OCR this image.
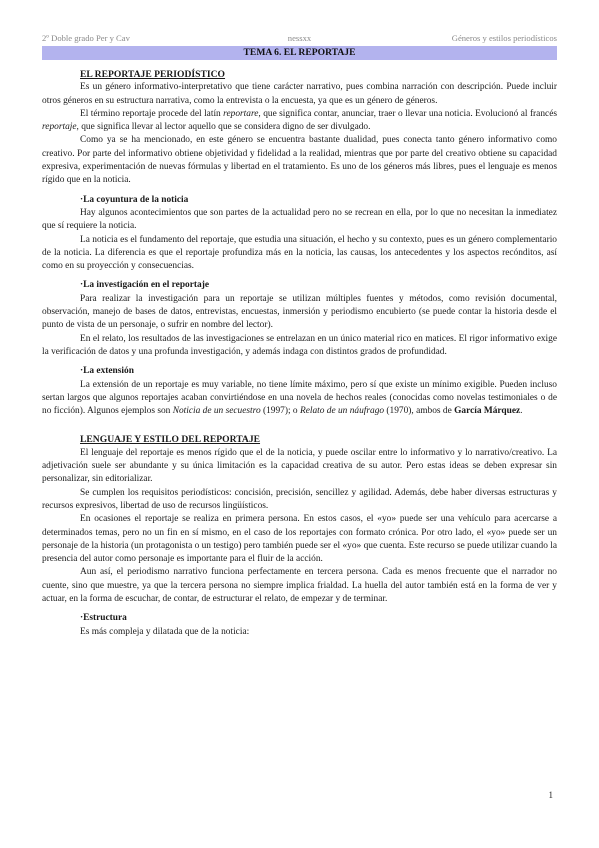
2º Doble grado Per y Cav	nessxx	Géneros y estilos periodísticos
TEMA 6. EL REPORTAJE
EL REPORTAJE PERIODÍSTICO

Es un género informativo-interpretativo que tiene carácter narrativo, pues combina narración con descripción. Puede incluir otros géneros en su estructura narrativa, como la entrevista o la encuesta, ya que es un género de géneros.

El término reportaje procede del latín reportare, que significa contar, anunciar, traer o llevar una noticia. Evolucionó al francés reportaje, que significa llevar al lector aquello que se considera digno de ser divulgado.

Como ya se ha mencionado, en este género se encuentra bastante dualidad, pues conecta tanto género informativo como creativo. Por parte del informativo obtiene objetividad y fidelidad a la realidad, mientras que por parte del creativo obtiene su capacidad expresiva, experimentación de nuevas fórmulas y libertad en el tratamiento. Es uno de los géneros más libres, pues el lenguaje es menos rígido que en la noticia.

·La coyuntura de la noticia

Hay algunos acontecimientos que son partes de la actualidad pero no se recrean en ella, por lo que no necesitan la inmediatez que sí requiere la noticia.

La noticia es el fundamento del reportaje, que estudia una situación, el hecho y su contexto, pues es un género complementario de la noticia. La diferencia es que el reportaje profundiza más en la noticia, las causas, los antecedentes y los aspectos recónditos, así como en su proyección y consecuencias.

·La investigación en el reportaje

Para realizar la investigación para un reportaje se utilizan múltiples fuentes y métodos, como revisión documental, observación, manejo de bases de datos, entrevistas, encuestas, inmersión y periodismo encubierto (se puede contar la historia desde el punto de vista de un personaje, o sufrir en nombre del lector).

En el relato, los resultados de las investigaciones se entrelazan en un único material rico en matices. El rigor informativo exige la verificación de datos y una profunda investigación, y además indaga con distintos grados de profundidad.

·La extensión

La extensión de un reportaje es muy variable, no tiene límite máximo, pero sí que existe un mínimo exigible. Pueden incluso sertan largos que algunos reportajes acaban convirtiéndose en una novela de hechos reales (conocidas como novelas testimoniales o de no ficción). Algunos ejemplos son Noticia de un secuestro (1997); o Relato de un náufrago (1970), ambos de García Márquez.

LENGUAJE Y ESTILO DEL REPORTAJE

El lenguaje del reportaje es menos rígido que el de la noticia, y puede oscilar entre lo informativo y lo narrativo/creativo. La adjetivación suele ser abundante y su única limitación es la capacidad creativa de su autor. Pero estas ideas se deben expresar sin personalizar, sin editorializar.

Se cumplen los requisitos periodísticos: concisión, precisión, sencillez y agilidad. Además, debe haber diversas estructuras y recursos expresivos, libertad de uso de recursos lingüísticos.

En ocasiones el reportaje se realiza en primera persona. En estos casos, el «yo» puede ser una vehículo para acercarse a determinados temas, pero no un fin en sí mismo, en el caso de los reportajes con formato crónica. Por otro lado, el «yo» puede ser un personaje de la historia (un protagonista o un testigo) pero también puede ser el «yo» que cuenta. Este recurso se puede utilizar cuando la presencia del autor como personaje es importante para el fluir de la acción.

Aun así, el periodismo narrativo funciona perfectamente en tercera persona. Cada es menos frecuente que el narrador no cuente, sino que muestre, ya que la tercera persona no siempre implica frialdad. La huella del autor también está en la forma de ver y actuar, en la forma de escuchar, de contar, de estructurar el relato, de empezar y de terminar.

·Estructura

Es más compleja y dilatada que de la noticia:

1
